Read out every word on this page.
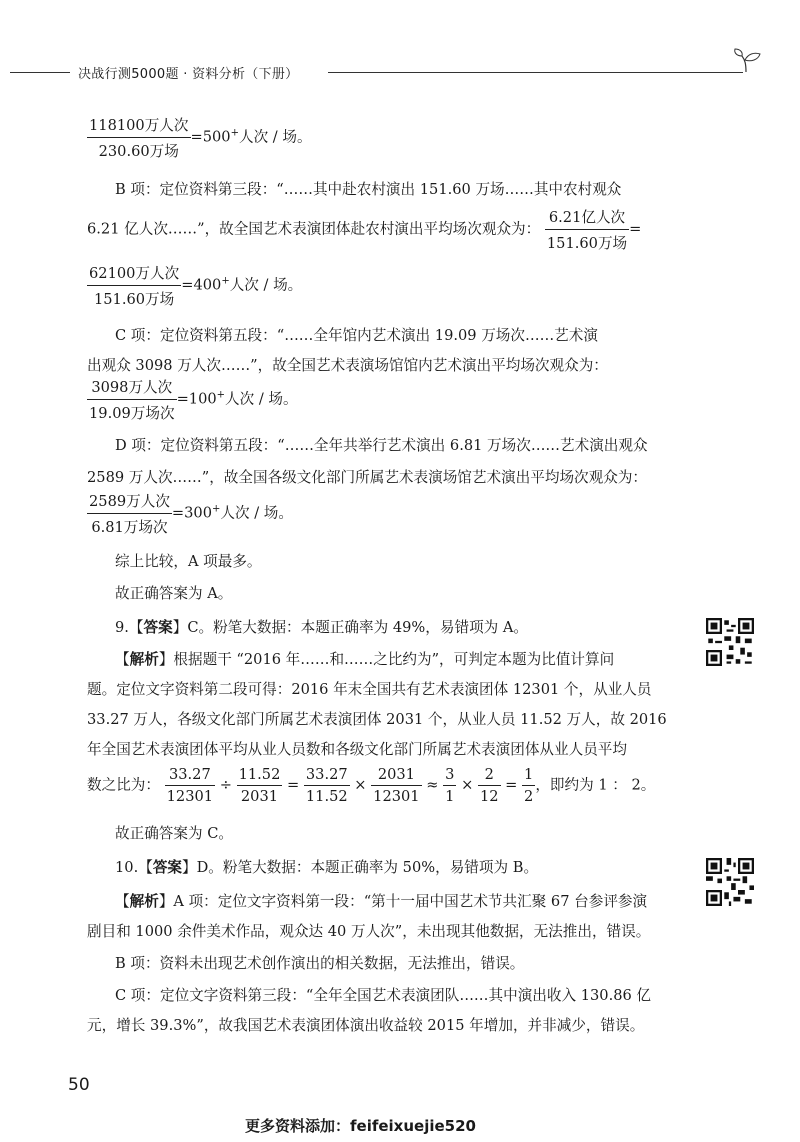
决战行测5000题 · 资料分析（下册）
$\frac{\text{118100万人次}}{\text{230.60万场}} =500^+$人次 / 场。
B 项：定位资料第三段：“……其中赴农村演出 151.60 万场……其中农村观众
6.21 亿人次……”，故全国艺术表演团体赴农村演出平均场次观众为： $\frac{\text{6.21亿人次}}{\text{151.60万场}}$ =
$\frac{\text{62100万人次}}{\text{151.60万场}} =400^+$人次 / 场。
C 项：定位资料第五段：“……全年馆内艺术演出 19.09 万场次……艺术演
出观众 3098 万人次……”，故全国艺术表演场馆馆内艺术演出平均场次观众为：
$\frac{\text{3098万人次}}{\text{19.09万场次}} =100^+$人次 / 场。
D 项：定位资料第五段：“……全年共举行艺术演出 6.81 万场次……艺术演出观众
2589 万人次……”，故全国各级文化部门所属艺术表演场馆艺术演出平均场次观众为：
$\frac{\text{2589万人次}}{\text{6.81万场次}} =300^+$人次 / 场。
综上比较，A 项最多。
故正确答案为 A。
9.【答案】C。粉笔大数据：本题正确率为 49%，易错项为 A。
【解析】根据题干 “2016 年……和……之比约为”，可判定本题为比值计算问
题。定位文字资料第二段可得：2016 年末全国共有艺术表演团体 12301 个，从业人员
33.27 万人，各级文化部门所属艺术表演团体 2031 个，从业人员 11.52 万人，故 2016
年全国艺术表演团体平均从业人员数和各级文化部门所属艺术表演团体从业人员平均
数之比为： $\frac{33.27}{12301} \div \frac{11.52}{2031} = \frac{33.27}{11.52} \times \frac{2031}{12301} \approx \frac{3}{1} \times \frac{2}{12} = \frac{1}{2}$ ，即约为 1 ： 2。
故正确答案为 C。
10.【答案】D。粉笔大数据：本题正确率为 50%，易错项为 B。
【解析】A 项：定位文字资料第一段：“第十一届中国艺术节共汇聚 67 台参评参演
剧目和 1000 余件美术作品，观众达 40 万人次”，未出现其他数据，无法推出，错误。
B 项：资料未出现艺术创作演出的相关数据，无法推出，错误。
C 项：定位文字资料第三段：“全年全国艺术表演团队……其中演出收入 130.86 亿
元，增长 39.3%”，故我国艺术表演团体演出收益较 2015 年增加，并非减少，错误。
50
更多资料添加：feifeixuejie520
